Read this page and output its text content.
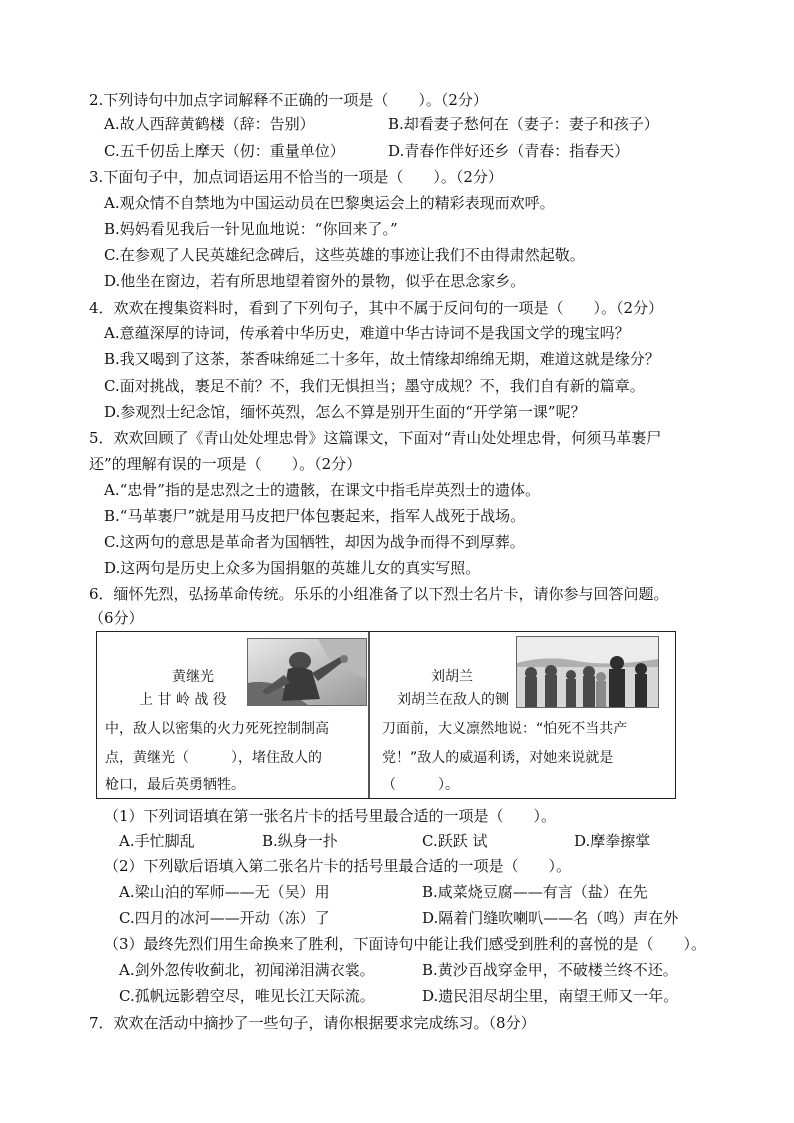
2.下列诗句中加点字词解释不正确的一项是（　　）。（2分）
A.故人西辞黄鹤楼（辞：告别）	B.却看妻子愁何在（妻子：妻子和孩子）
C.五千仞岳上摩天（仞：重量单位）	D.青春作伴好还乡（青春：指春天）
3.下面句子中，加点词语运用不恰当的一项是（　　）。（2分）
A.观众情不自禁地为中国运动员在巴黎奥运会上的精彩表现而欢呼。
B.妈妈看见我后一针见血地说：“你回来了。”
C.在参观了人民英雄纪念碑后，这些英雄的事迹让我们不由得肃然起敬。
D.他坐在窗边，若有所思地望着窗外的景物，似乎在思念家乡。
4．欢欢在搜集资料时，看到了下列句子，其中不属于反问句的一项是（　　）。（2分）
A.意蕴深厚的诗词，传承着中华历史，难道中华古诗词不是我国文学的瑰宝吗？
B.我又喝到了这茶，茶香味绵延二十多年，故土情缘却绵绵无期，难道这就是缘分？
C.面对挑战，裹足不前？不，我们无惧担当；墨守成规？不，我们自有新的篇章。
D.参观烈士纪念馆，缅怀英烈，怎么不算是别开生面的“开学第一课”呢？
5．欢欢回顾了《青山处处埋忠骨》这篇课文，下面对“青山处处埋忠骨，何须马革裹尸
还”的理解有误的一项是（　　）。（2分）
A.“忠骨”指的是忠烈之士的遗骸，在课文中指毛岸英烈士的遗体。
B.“马革裹尸”就是用马皮把尸体包裹起来，指军人战死于战场。
C.这两句的意思是革命者为国牺牲，却因为战争而得不到厚葬。
D.这两句是历史上众多为国捐躯的英雄儿女的真实写照。
6．缅怀先烈，弘扬革命传统。乐乐的小组准备了以下烈士名片卡，请你参与回答问题。
（6分）
黄继光
上 甘 岭 战 役
中，敌人以密集的火力死死控制制高
点，黄继光（　　　），堵住敌人的
枪口，最后英勇牺牲。
刘胡兰
刘胡兰在敌人的铡
刀面前，大义凛然地说：“怕死不当共产
党！”敌人的威逼利诱，对她来说就是
（　　　）。
（1）下列词语填在第一张名片卡的括号里最合适的一项是（　　）。
A.手忙脚乱	B.纵身一扑	C.跃跃 试	D.摩拳擦掌
（2）下列歇后语填入第二张名片卡的括号里最合适的一项是（　　）。
A.梁山泊的军师——无（吴）用	B.咸菜烧豆腐——有言（盐）在先
C.四月的冰河——开动（冻）了	D.隔着门缝吹喇叭——名（鸣）声在外
（3）最终先烈们用生命换来了胜利，下面诗句中能让我们感受到胜利的喜悦的是（　　）。
A.剑外忽传收蓟北，初闻涕泪满衣裳。	B.黄沙百战穿金甲，不破楼兰终不还。
C.孤帆远影碧空尽，唯见长江天际流。	D.遗民泪尽胡尘里，南望王师又一年。
7．欢欢在活动中摘抄了一些句子，请你根据要求完成练习。（8分）
